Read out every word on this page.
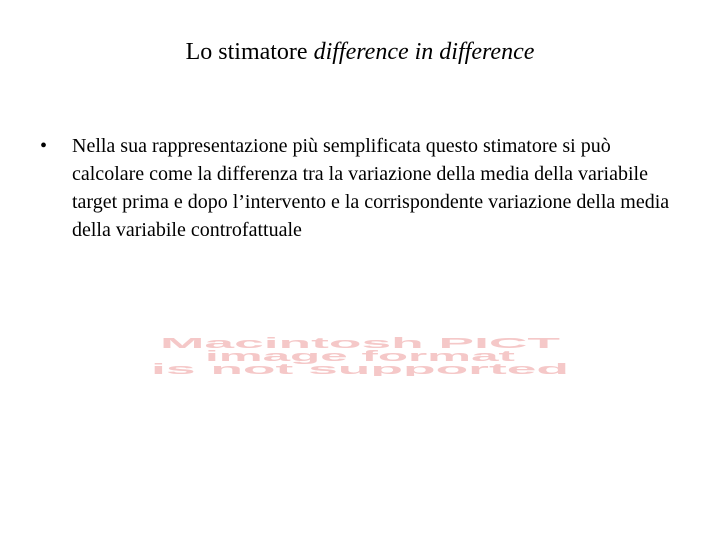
Lo stimatore difference in difference
• Nella sua rappresentazione più semplificata questo stimatore si può calcolare come la differenza tra la variazione della media della variabile target prima e dopo l’intervento e la corrispondente variazione della media della variabile controfattuale
Macintosh PICT
image format
is not supported
